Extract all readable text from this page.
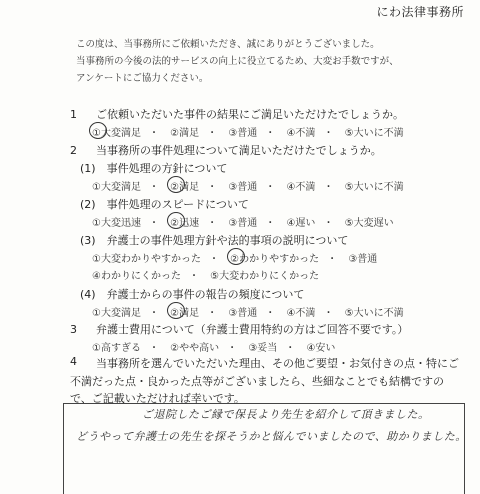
にわ法律事務所
この度は、当事務所にご依頼いただき、誠にありがとうございました。
当事務所の今後の法的サービスの向上に役立てるため、大変お手数ですが、
アンケートにご協力ください。
1 ご依頼いただいた事件の結果にご満足いただけたでしょうか。
①大変満足 ・ ②満足 ・ ③普通 ・ ④不満 ・ ⑤大いに不満
2 当事務所の事件処理について満足いただけたでしょうか。
(1)　事件処理の方針について
①大変満足 ・ ②満足 ・ ③普通 ・ ④不満 ・ ⑤大いに不満
(2)　事件処理のスピードについて
①大変迅速 ・ ②迅速 ・ ③普通 ・ ④遅い ・ ⑤大変遅い
(3)　弁護士の事件処理方針や法的事項の説明について
①大変わかりやすかった ・ ②わかりやすかった ・ ③普通
④わかりにくかった ・ ⑤大変わかりにくかった
(4)　弁護士からの事件の報告の頻度について
①大変満足 ・ ②満足 ・ ③普通 ・ ④不満 ・ ⑤大いに不満
3 弁護士費用について（弁護士費用特約の方はご回答不要です。）
①高すぎる ・ ②やや高い ・ ③妥当 ・ ④安い
4	当事務所を選んでいただいた理由、その他ご要望・お気付きの点・特にご
不満だった点・良かった点等がございましたら、些細なことでも結構ですの
で、ご記載いただければ幸いです。
ご退院したご縁で保長より先生を紹介して頂きました。
どうやって弁護士の先生を探そうかと悩んでいましたので、助かりました。
